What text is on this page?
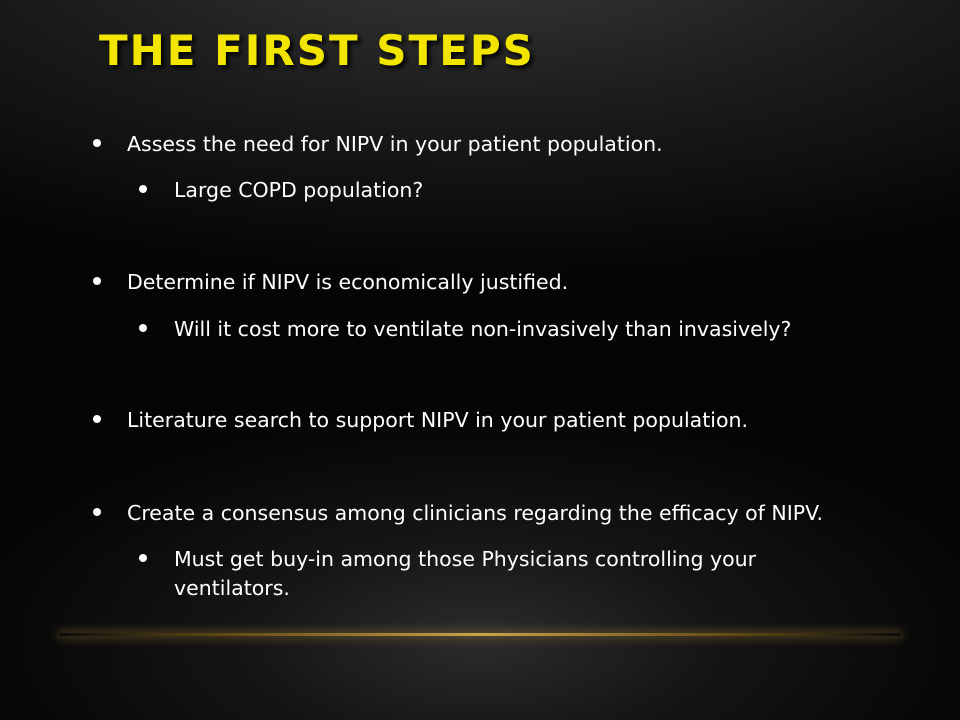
THE FIRST STEPS
Assess the need for NIPV in your patient population.
Large COPD population?
Determine if NIPV is economically justified.
Will it cost more to ventilate non-invasively than invasively?
Literature search to support NIPV in your patient population.
Create a consensus among clinicians regarding the efficacy of NIPV.
Must get buy-in among those Physicians controlling your ventilators.
